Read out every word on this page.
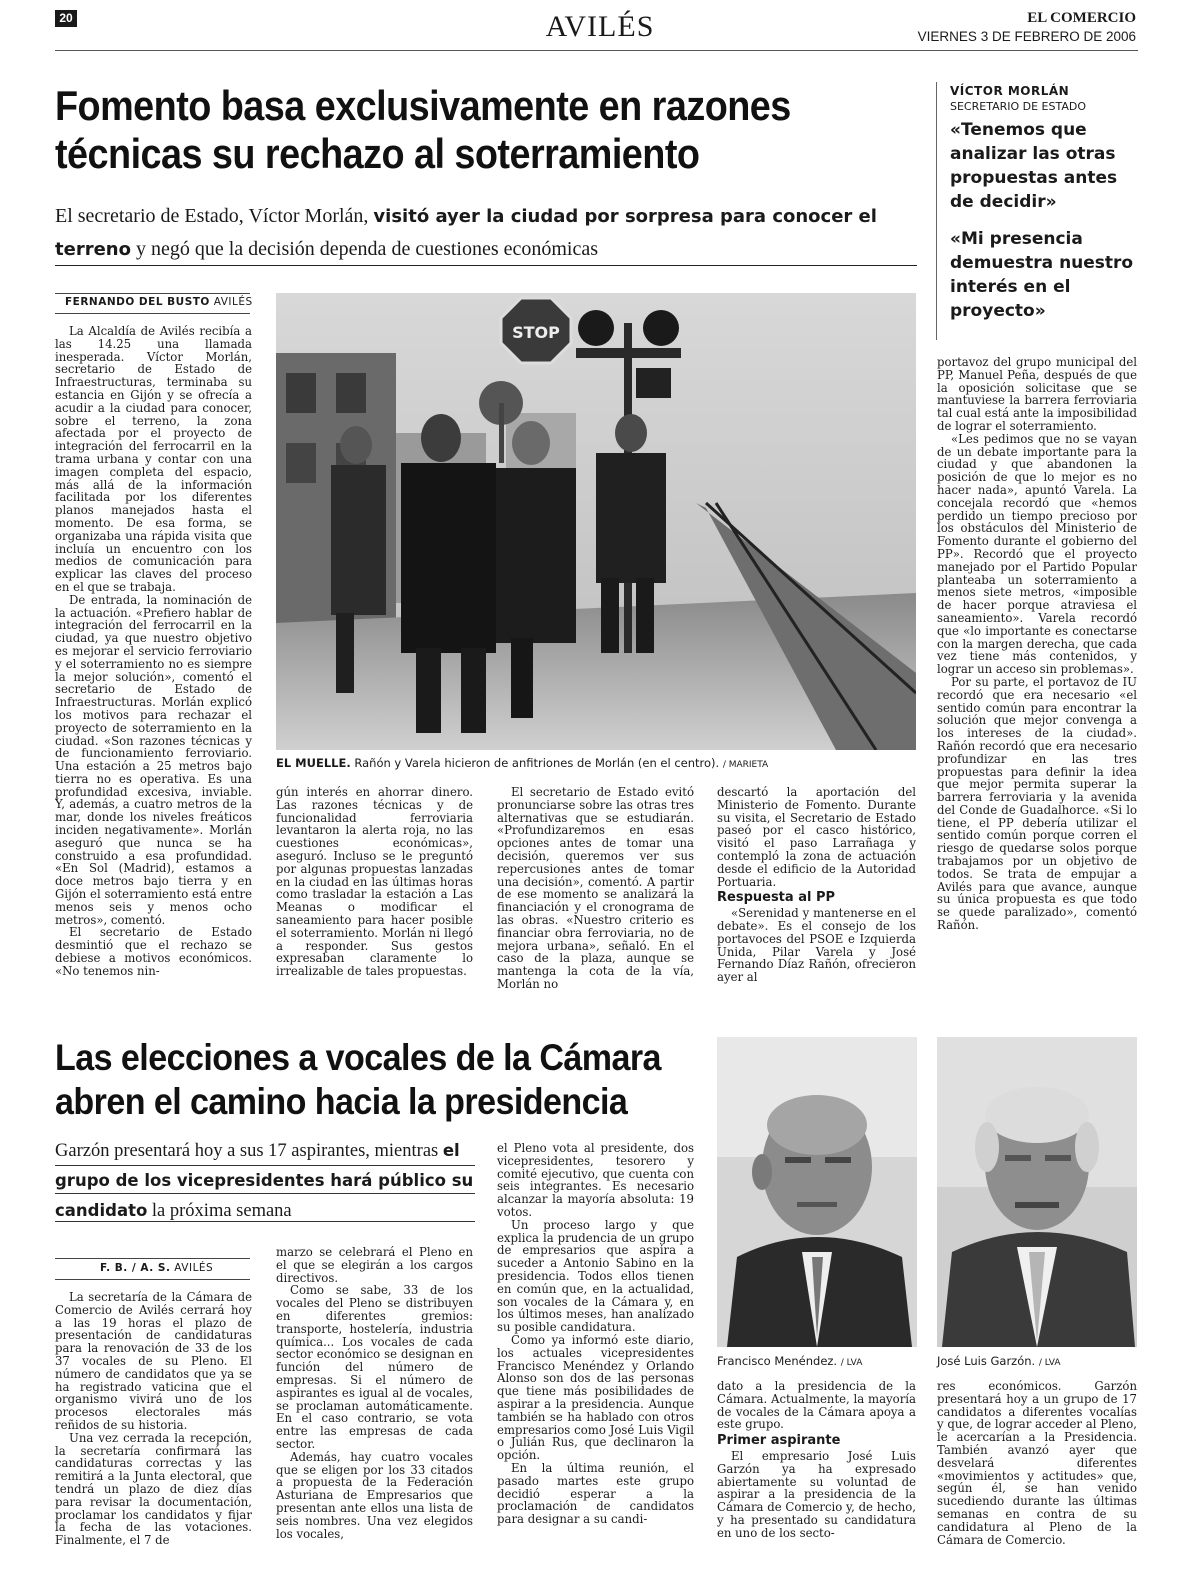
20	AVILÉS	EL COMERCIO
VIERNES 3 DE FEBRERO DE 2006
Fomento basa exclusivamente en razones
técnicas su rechazo al soterramiento
El secretario de Estado, Víctor Morlán, visitó ayer la ciudad por sorpresa para conocer el terreno y negó que la decisión dependa de cuestiones económicas
VÍCTOR MORLÁN
SECRETARIO DE ESTADO
«Tenemos que analizar las otras propuestas antes de decidir»
«Mi presencia demuestra nuestro interés en el proyecto»
FERNANDO DEL BUSTO AVILÉS

La Alcaldía de Avilés recibía a las 14.25 una llamada inesperada. Víctor Morlán, secretario de Estado de Infraestructuras, terminaba su estancia en Gijón y se ofrecía a acudir a la ciudad para conocer, sobre el terreno, la zona afectada por el proyecto de integración del ferrocarril en la trama urbana y contar con una imagen completa del espacio, más allá de la información facilitada por los diferentes planos manejados hasta el momento. De esa forma, se organizaba una rápida visita que incluía un encuentro con los medios de comunicación para explicar las claves del proceso en el que se trabaja.

De entrada, la nominación de la actuación. «Prefiero hablar de integración del ferrocarril en la ciudad, ya que nuestro objetivo es mejorar el servicio ferroviario y el soterramiento no es siempre la mejor solución», comentó el secretario de Estado de Infraestructuras. Morlán explicó los motivos para rechazar el proyecto de soterramiento en la ciudad. «Son razones técnicas y de funcionamiento ferroviario. Una estación a 25 metros bajo tierra no es operativa. Es una profundidad excesiva, inviable. Y, además, a cuatro metros de la mar, donde los niveles freáticos inciden negativamente». Morlán aseguró que nunca se ha construido a esa profundidad. «En Sol (Madrid), estamos a doce metros bajo tierra y en Gijón el soterramiento está entre menos seis y menos ocho metros», comentó.

El secretario de Estado desmintió que el rechazo se debiese a motivos económicos. «No tenemos nin-

gún interés en ahorrar dinero. Las razones técnicas y de funcionalidad ferroviaria levantaron la alerta roja, no las cuestiones económicas», aseguró. Incluso se le preguntó por algunas propuestas lanzadas en la ciudad en las últimas horas como trasladar la estación a Las Meanas o modificar el saneamiento para hacer posible el soterramiento. Morlán ni llegó a responder. Sus gestos expresaban claramente lo irrealizable de tales propuestas.

El secretario de Estado evitó pronunciarse sobre las otras tres alternativas que se estudiarán. «Profundizaremos en esas opciones antes de tomar una decisión, queremos ver sus repercusiones antes de tomar una decisión», comentó. A partir de ese momento se analizará la financiación y el cronograma de las obras. «Nuestro criterio es financiar obra ferroviaria, no de mejora urbana», señaló. En el caso de la plaza, aunque se mantenga la cota de la vía, Morlán no

descartó la aportación del Ministerio de Fomento. Durante su visita, el Secretario de Estado paseó por el casco histórico, visitó el paso Larrañaga y contempló la zona de actuación desde el edificio de la Autoridad Portuaria.

Respuesta al PP

«Serenidad y mantenerse en el debate». Es el consejo de los portavoces del PSOE e Izquierda Unida, Pilar Varela y José Fernando Díaz Rañón, ofrecieron ayer al

portavoz del grupo municipal del PP, Manuel Peña, después de que la oposición solicitase que se mantuviese la barrera ferroviaria tal cual está ante la imposibilidad de lograr el soterramiento.

«Les pedimos que no se vayan de un debate importante para la ciudad y que abandonen la posición de que lo mejor es no hacer nada», apuntó Varela. La concejala recordó que «hemos perdido un tiempo precioso por los obstáculos del Ministerio de Fomento durante el gobierno del PP». Recordó que el proyecto manejado por el Partido Popular planteaba un soterramiento a menos siete metros, «imposible de hacer porque atraviesa el saneamiento». Varela recordó que «lo importante es conectarse con la margen derecha, que cada vez tiene más contenidos, y lograr un acceso sin problemas».

Por su parte, el portavoz de IU recordó que era necesario «el sentido común para encontrar la solución que mejor convenga a los intereses de la ciudad». Rañón recordó que era necesario profundizar en las tres propuestas para definir la idea que mejor permita superar la barrera ferroviaria y la avenida del Conde de Guadalhorce. «Si lo tiene, el PP debería utilizar el sentido común porque corren el riesgo de quedarse solos porque trabajamos por un objetivo de todos. Se trata de empujar a Avilés para que avance, aunque su única propuesta es que todo se quede paralizado», comentó Rañón.

STOP
EL MUELLE. Rañón y Varela hicieron de anfitriones de Morlán (en el centro). / MARIETA
Las elecciones a vocales de la Cámara
abren el camino hacia la presidencia
Garzón presentará hoy a sus 17 aspirantes, mientras el grupo de los vicepresidentes hará público su candidato la próxima semana
F. B. / A. S. AVILÉS

La secretaría de la Cámara de Comercio de Avilés cerrará hoy a las 19 horas el plazo de presentación de candidaturas para la renovación de 33 de los 37 vocales de su Pleno. El número de candidatos que ya se ha registrado vaticina que el organismo vivirá uno de los procesos electorales más reñidos de su historia.

Una vez cerrada la recepción, la secretaría confirmará las candidaturas correctas y las remitirá a la Junta electoral, que tendrá un plazo de diez días para revisar la documentación, proclamar los candidatos y fijar la fecha de las votaciones. Finalmente, el 7 de

marzo se celebrará el Pleno en el que se elegirán a los cargos directivos.

Como se sabe, 33 de los vocales del Pleno se distribuyen en diferentes gremios: transporte, hostelería, industria química... Los vocales de cada sector económico se designan en función del número de empresas. Si el número de aspirantes es igual al de vocales, se proclaman automáticamente. En el caso contrario, se vota entre las empresas de cada sector.

Además, hay cuatro vocales que se eligen por los 33 citados a propuesta de la Federación Asturiana de Empresarios que presentan ante ellos una lista de seis nombres. Una vez elegidos los vocales,

el Pleno vota al presidente, dos vicepresidentes, tesorero y comité ejecutivo, que cuenta con seis integrantes. Es necesario alcanzar la mayoría absoluta: 19 votos.

Un proceso largo y que explica la prudencia de un grupo de empresarios que aspira a suceder a Antonio Sabino en la presidencia. Todos ellos tienen en común que, en la actualidad, son vocales de la Cámara y, en los últimos meses, han analizado su posible candidatura.

Como ya informó este diario, los actuales vicepresidentes Francisco Menéndez y Orlando Alonso son dos de las personas que tiene más posibilidades de aspirar a la presidencia. Aunque también se ha hablado con otros empresarios como José Luis Vigil o Julián Rus, que declinaron la opción.

En la última reunión, el pasado martes este grupo decidió esperar a la proclamación de candidatos para designar a su candi-

dato a la presidencia de la Cámara. Actualmente, la mayoría de vocales de la Cámara apoya a este grupo.

Primer aspirante

El empresario José Luis Garzón ya ha expresado abiertamente su voluntad de aspirar a la presidencia de la Cámara de Comercio y, de hecho, y ha presentado su candidatura en uno de los secto-

res económicos. Garzón presentará hoy a un grupo de 17 candidatos a diferentes vocalías y que, de lograr acceder al Pleno, le acercarían a la Presidencia. También avanzó ayer que desvelará diferentes «movimientos y actitudes» que, según él, se han venido sucediendo durante las últimas semanas en contra de su candidatura al Pleno de la Cámara de Comercio.

Francisco Menéndez. / LVA	José Luis Garzón. / LVA
